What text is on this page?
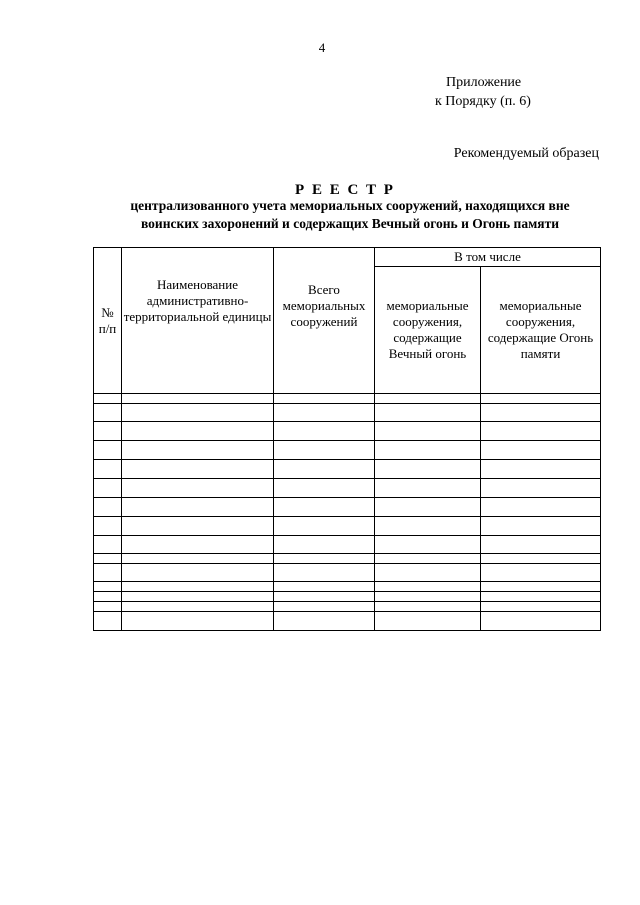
4
Приложение
к Порядку (п. 6)
Рекомендуемый образец
Р Е Е С Т Р
централизованного учета мемориальных сооружений, находящихся вне
воинских захоронений и содержащих Вечный огонь и Огонь памяти
№ п/п	Наименование административно-территориальной единицы	Всего мемориальных сооружений	В том числе	

			мемориальные сооружения, содержащие Вечный огонь	мемориальные сооружения, содержащие Огонь памяти
